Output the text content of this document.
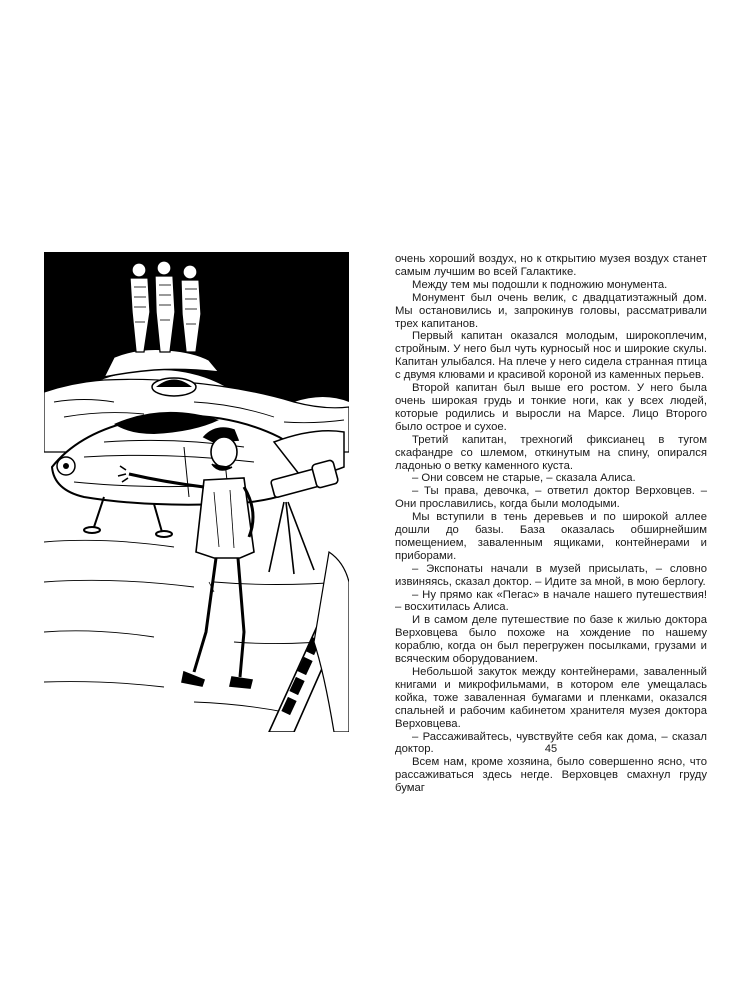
очень хороший воздух, но к открытию музея воздух станет самым лучшим во всей Галактике.

Между тем мы подошли к подножию монумента.

Монумент был очень велик, с двадцатиэтажный дом. Мы остановились и, запрокинув головы, рассматривали трех капитанов.

Первый капитан оказался молодым, широкоплечим, стройным. У него был чуть курносый нос и широкие скулы. Капитан улыбался. На плече у него сидела странная птица с двумя клювами и красивой короной из каменных перьев.

Второй капитан был выше его ростом. У него была очень широкая грудь и тонкие ноги, как у всех людей, которые родились и выросли на Марсе. Лицо Второго было острое и сухое.

Третий капитан, трехногий фиксианец в тугом скафандре со шлемом, откинутым на спину, опирался ладонью о ветку каменного куста.

– Они совсем не старые, – сказала Алиса.

– Ты права, девочка, – ответил доктор Верховцев. – Они прославились, когда были молодыми.

Мы вступили в тень деревьев и по широкой аллее дошли до базы. База оказалась обширнейшим помещением, заваленным ящиками, контейнерами и приборами.

– Экспонаты начали в музей присылать, – словно извиняясь, сказал доктор. – Идите за мной, в мою берлогу.

– Ну прямо как «Пегас» в начале нашего путешествия! – восхитилась Алиса.

И в самом деле путешествие по базе к жилью доктора Верховцева было похоже на хождение по нашему кораблю, когда он был перегружен посылками, грузами и всяческим оборудованием.

Небольшой закуток между контейнерами, заваленный книгами и микрофильмами, в котором еле умещалась койка, тоже заваленная бумагами и пленками, оказался спальней и рабочим кабинетом хранителя музея доктора Верховцева.

– Рассаживайтесь, чувствуйте себя как дома, – сказал доктор.

Всем нам, кроме хозяина, было совершенно ясно, что рассаживаться здесь негде. Верховцев смахнул груду бумаг

45
